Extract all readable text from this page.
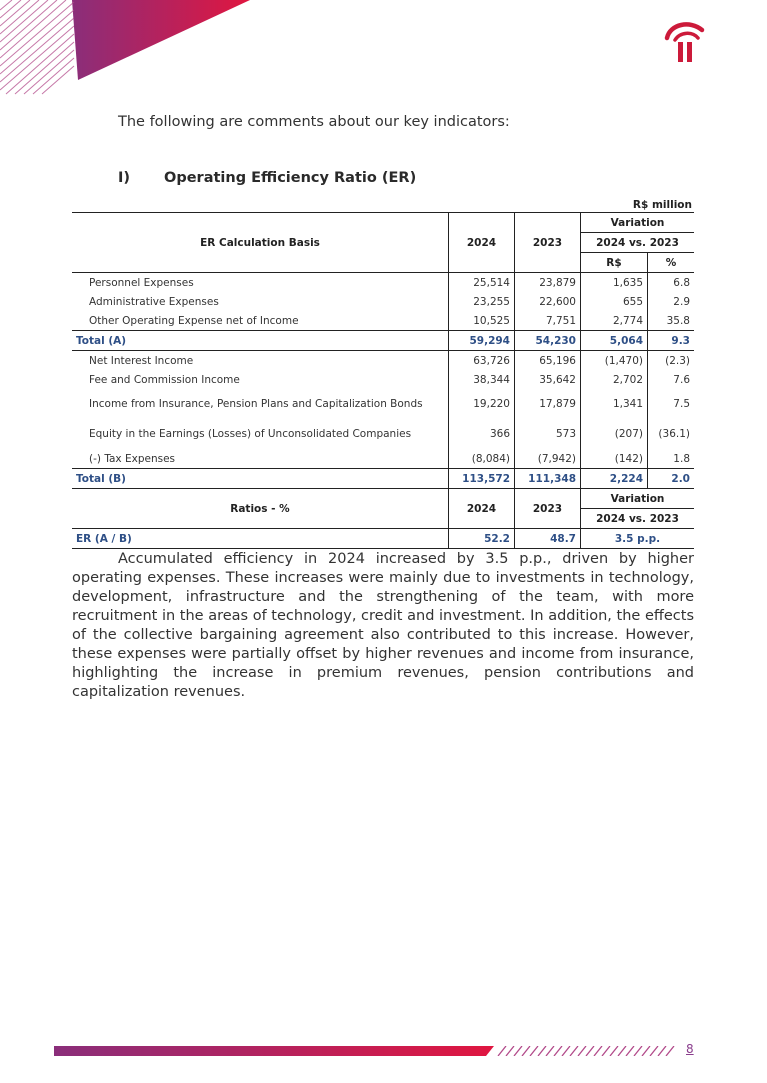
The following are comments about our key indicators:
I) Operating Efficiency Ratio (ER)
R$ million
ER Calculation Basis	2024	2023	Variation	
			2024 vs. 2023	
			R$	%
Personnel Expenses	25,514	23,879	1,635	6.8
Administrative Expenses	23,255	22,600	655	2.9
Other Operating Expense net of Income	10,525	7,751	2,774	35.8
Total (A)	59,294	54,230	5,064	9.3
Net Interest Income	63,726	65,196	(1,470)	(2.3)
Fee and Commission Income	38,344	35,642	2,702	7.6
Income from Insurance, Pension Plans and Capitalization Bonds	19,220	17,879	1,341	7.5
Equity in the Earnings (Losses) of Unconsolidated Companies	366	573	(207)	(36.1)
(-) Tax Expenses	(8,084)	(7,942)	(142)	1.8
Total (B)	113,572	111,348	2,224	2.0
Ratios - %	2024	2023	Variation	
			2024 vs. 2023	
ER (A / B)	52.2	48.7	3.5 p.p.	

Accumulated efficiency in 2024 increased by 3.5 p.p., driven by higher operating expenses. These increases were mainly due to investments in technology, development, infrastructure and the strengthening of the team, with more recruitment in the areas of technology, credit and investment. In addition, the effects of the collective bargaining agreement also contributed to this increase. However, these expenses were partially offset by higher revenues and income from insurance, highlighting the increase in premium revenues, pension contributions and capitalization revenues.

8
